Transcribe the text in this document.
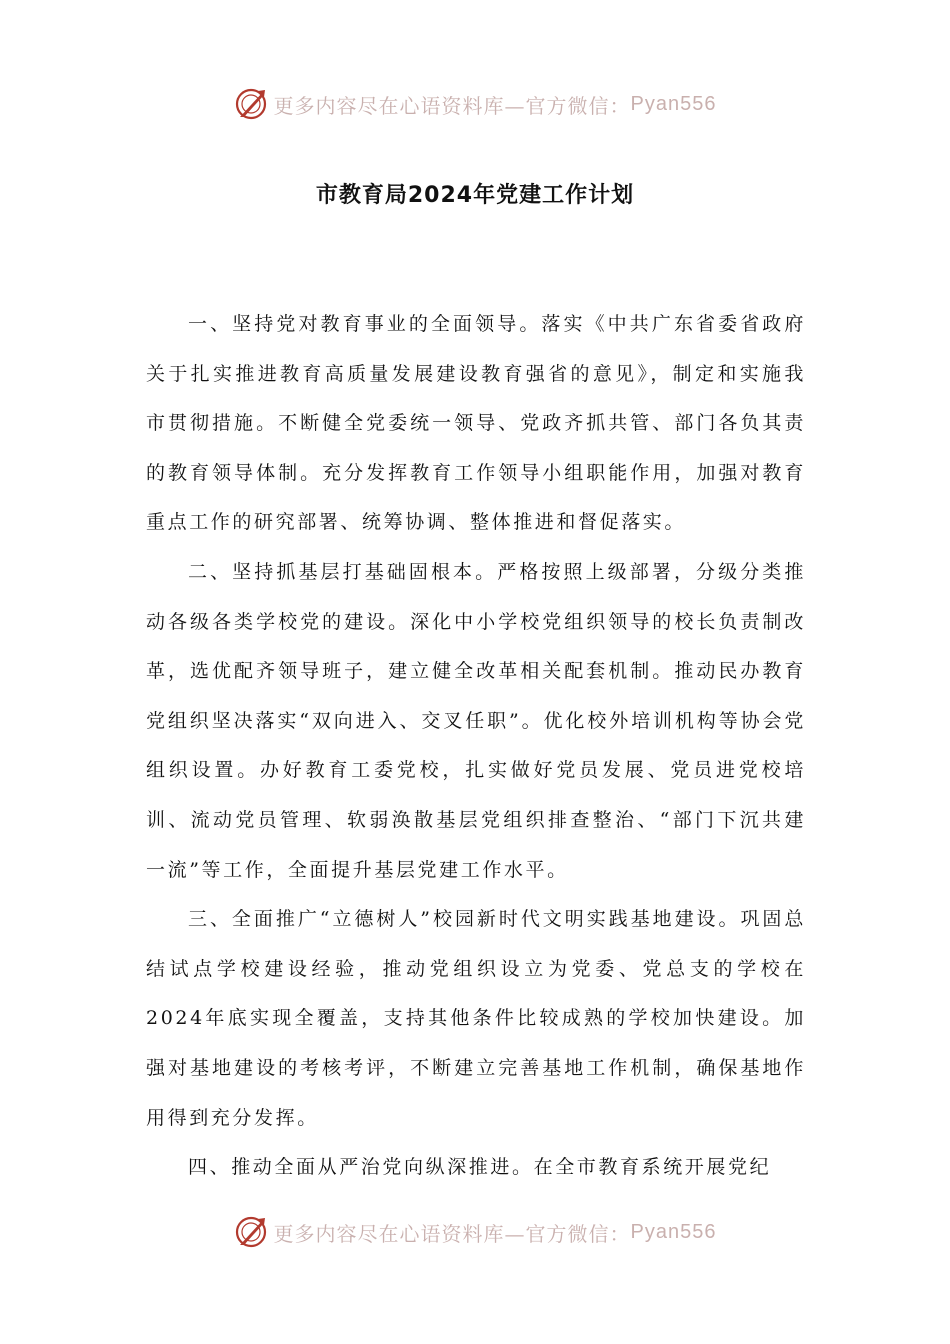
更多内容尽在心语资料库—官方微信： Pyan556
市教育局2024年党建工作计划

一、坚持党对教育事业的全面领导。落实《中共广东省委省政府关于扎实推进教育高质量发展建设教育强省的意见》，制定和实施我市贯彻措施。不断健全党委统一领导、党政齐抓共管、部门各负其责的教育领导体制。充分发挥教育工作领导小组职能作用，加强对教育重点工作的研究部署、统筹协调、整体推进和督促落实。

二、坚持抓基层打基础固根本。严格按照上级部署，分级分类推动各级各类学校党的建设。深化中小学校党组织领导的校长负责制改革，选优配齐领导班子，建立健全改革相关配套机制。推动民办教育党组织坚决落实“双向进入、交叉任职”。优化校外培训机构等协会党组织设置。办好教育工委党校，扎实做好党员发展、党员进党校培训、流动党员管理、软弱涣散基层党组织排查整治、“部门下沉共建一流”等工作，全面提升基层党建工作水平。

三、全面推广“立德树人”校园新时代文明实践基地建设。巩固总结试点学校建设经验，推动党组织设立为党委、党总支的学校在2024年底实现全覆盖，支持其他条件比较成熟的学校加快建设。加强对基地建设的考核考评，不断建立完善基地工作机制，确保基地作用得到充分发挥。

四、推动全面从严治党向纵深推进。在全市教育系统开展党纪

更多内容尽在心语资料库—官方微信： Pyan556
